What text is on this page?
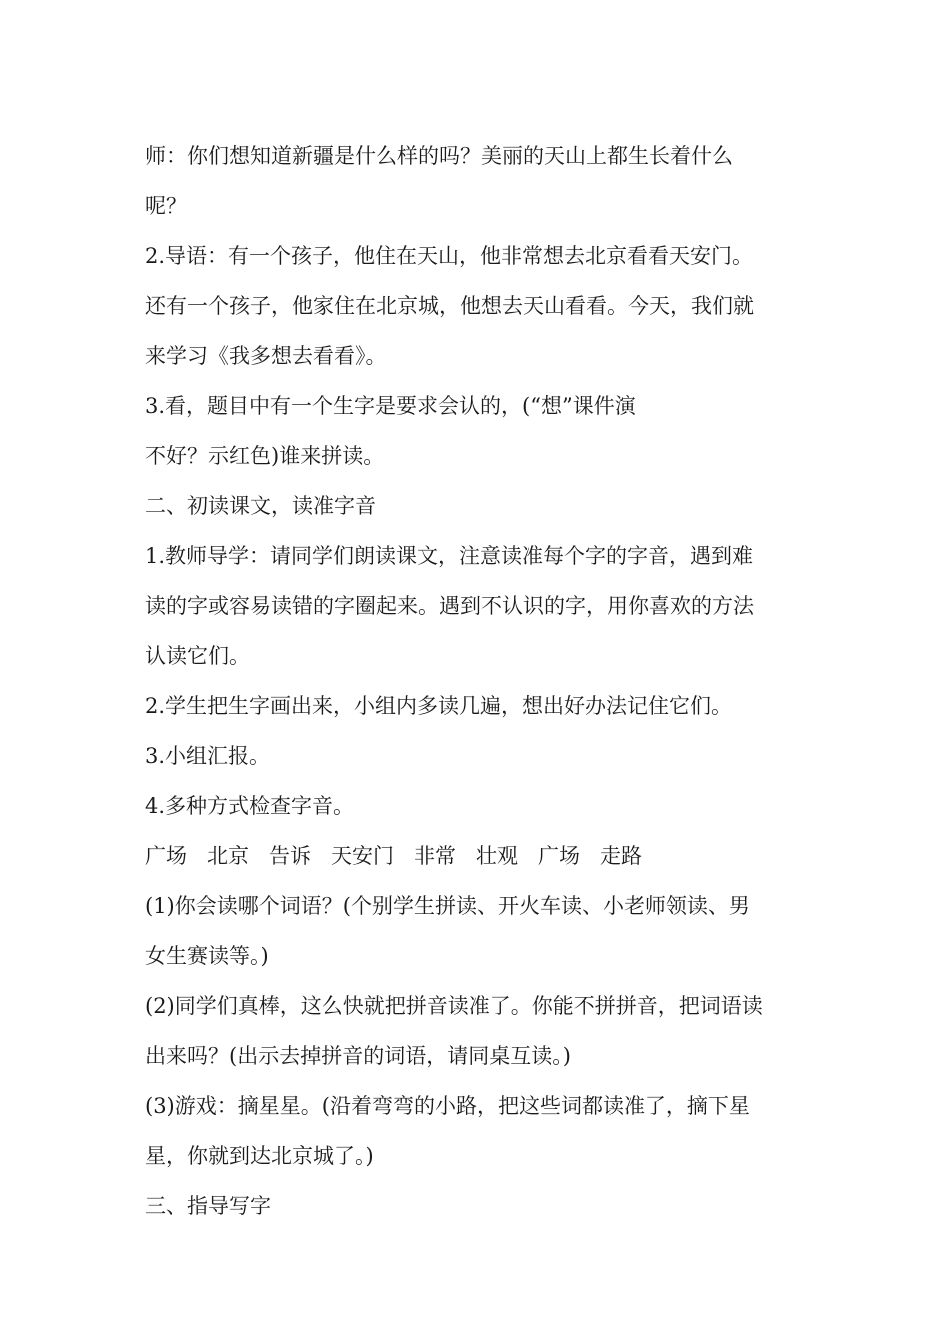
师：你们想知道新疆是什么样的吗？美丽的天山上都生长着什么
呢？
2.导语：有一个孩子，他住在天山，他非常想去北京看看天安门。
还有一个孩子，他家住在北京城，他想去天山看看。今天，我们就
来学习《我多想去看看》。
3.看，题目中有一个生字是要求会认的，(“想”课件演
不好？示红色)谁来拼读。
二、初读课文，读准字音
1.教师导学：请同学们朗读课文，注意读准每个字的字音，遇到难
读的字或容易读错的字圈起来。遇到不认识的字，用你喜欢的方法
认读它们。
2.学生把生字画出来，小组内多读几遍，想出好办法记住它们。
3.小组汇报。
4.多种方式检查字音。
广场 北京 告诉 天安门 非常 壮观 广场 走路
(1)你会读哪个词语？(个别学生拼读、开火车读、小老师领读、男
女生赛读等。)
(2)同学们真棒，这么快就把拼音读准了。你能不拼拼音，把词语读
出来吗？(出示去掉拼音的词语，请同桌互读。)
(3)游戏：摘星星。(沿着弯弯的小路，把这些词都读准了，摘下星
星，你就到达北京城了。)
三、指导写字
